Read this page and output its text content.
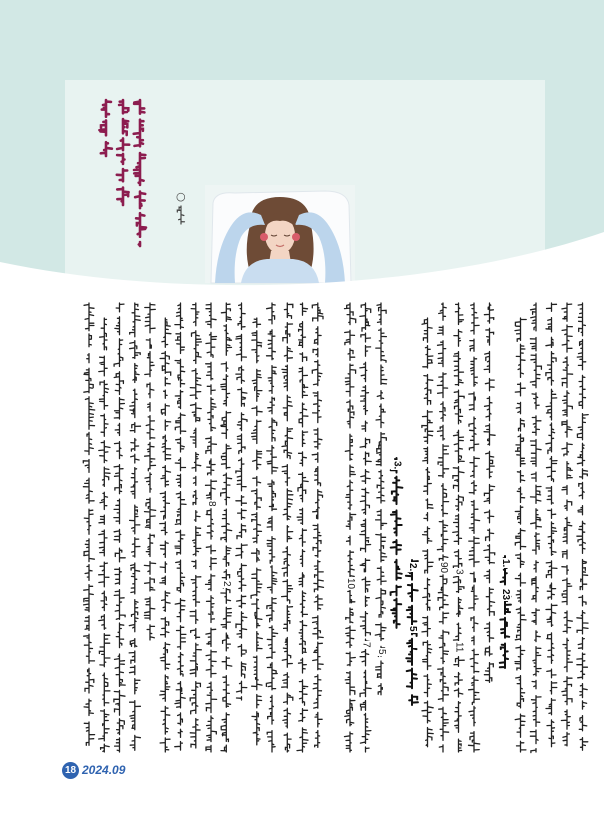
○
10
7
5
3.
2.
5
90 3
11
1.
23
8
2
18 2024.09
